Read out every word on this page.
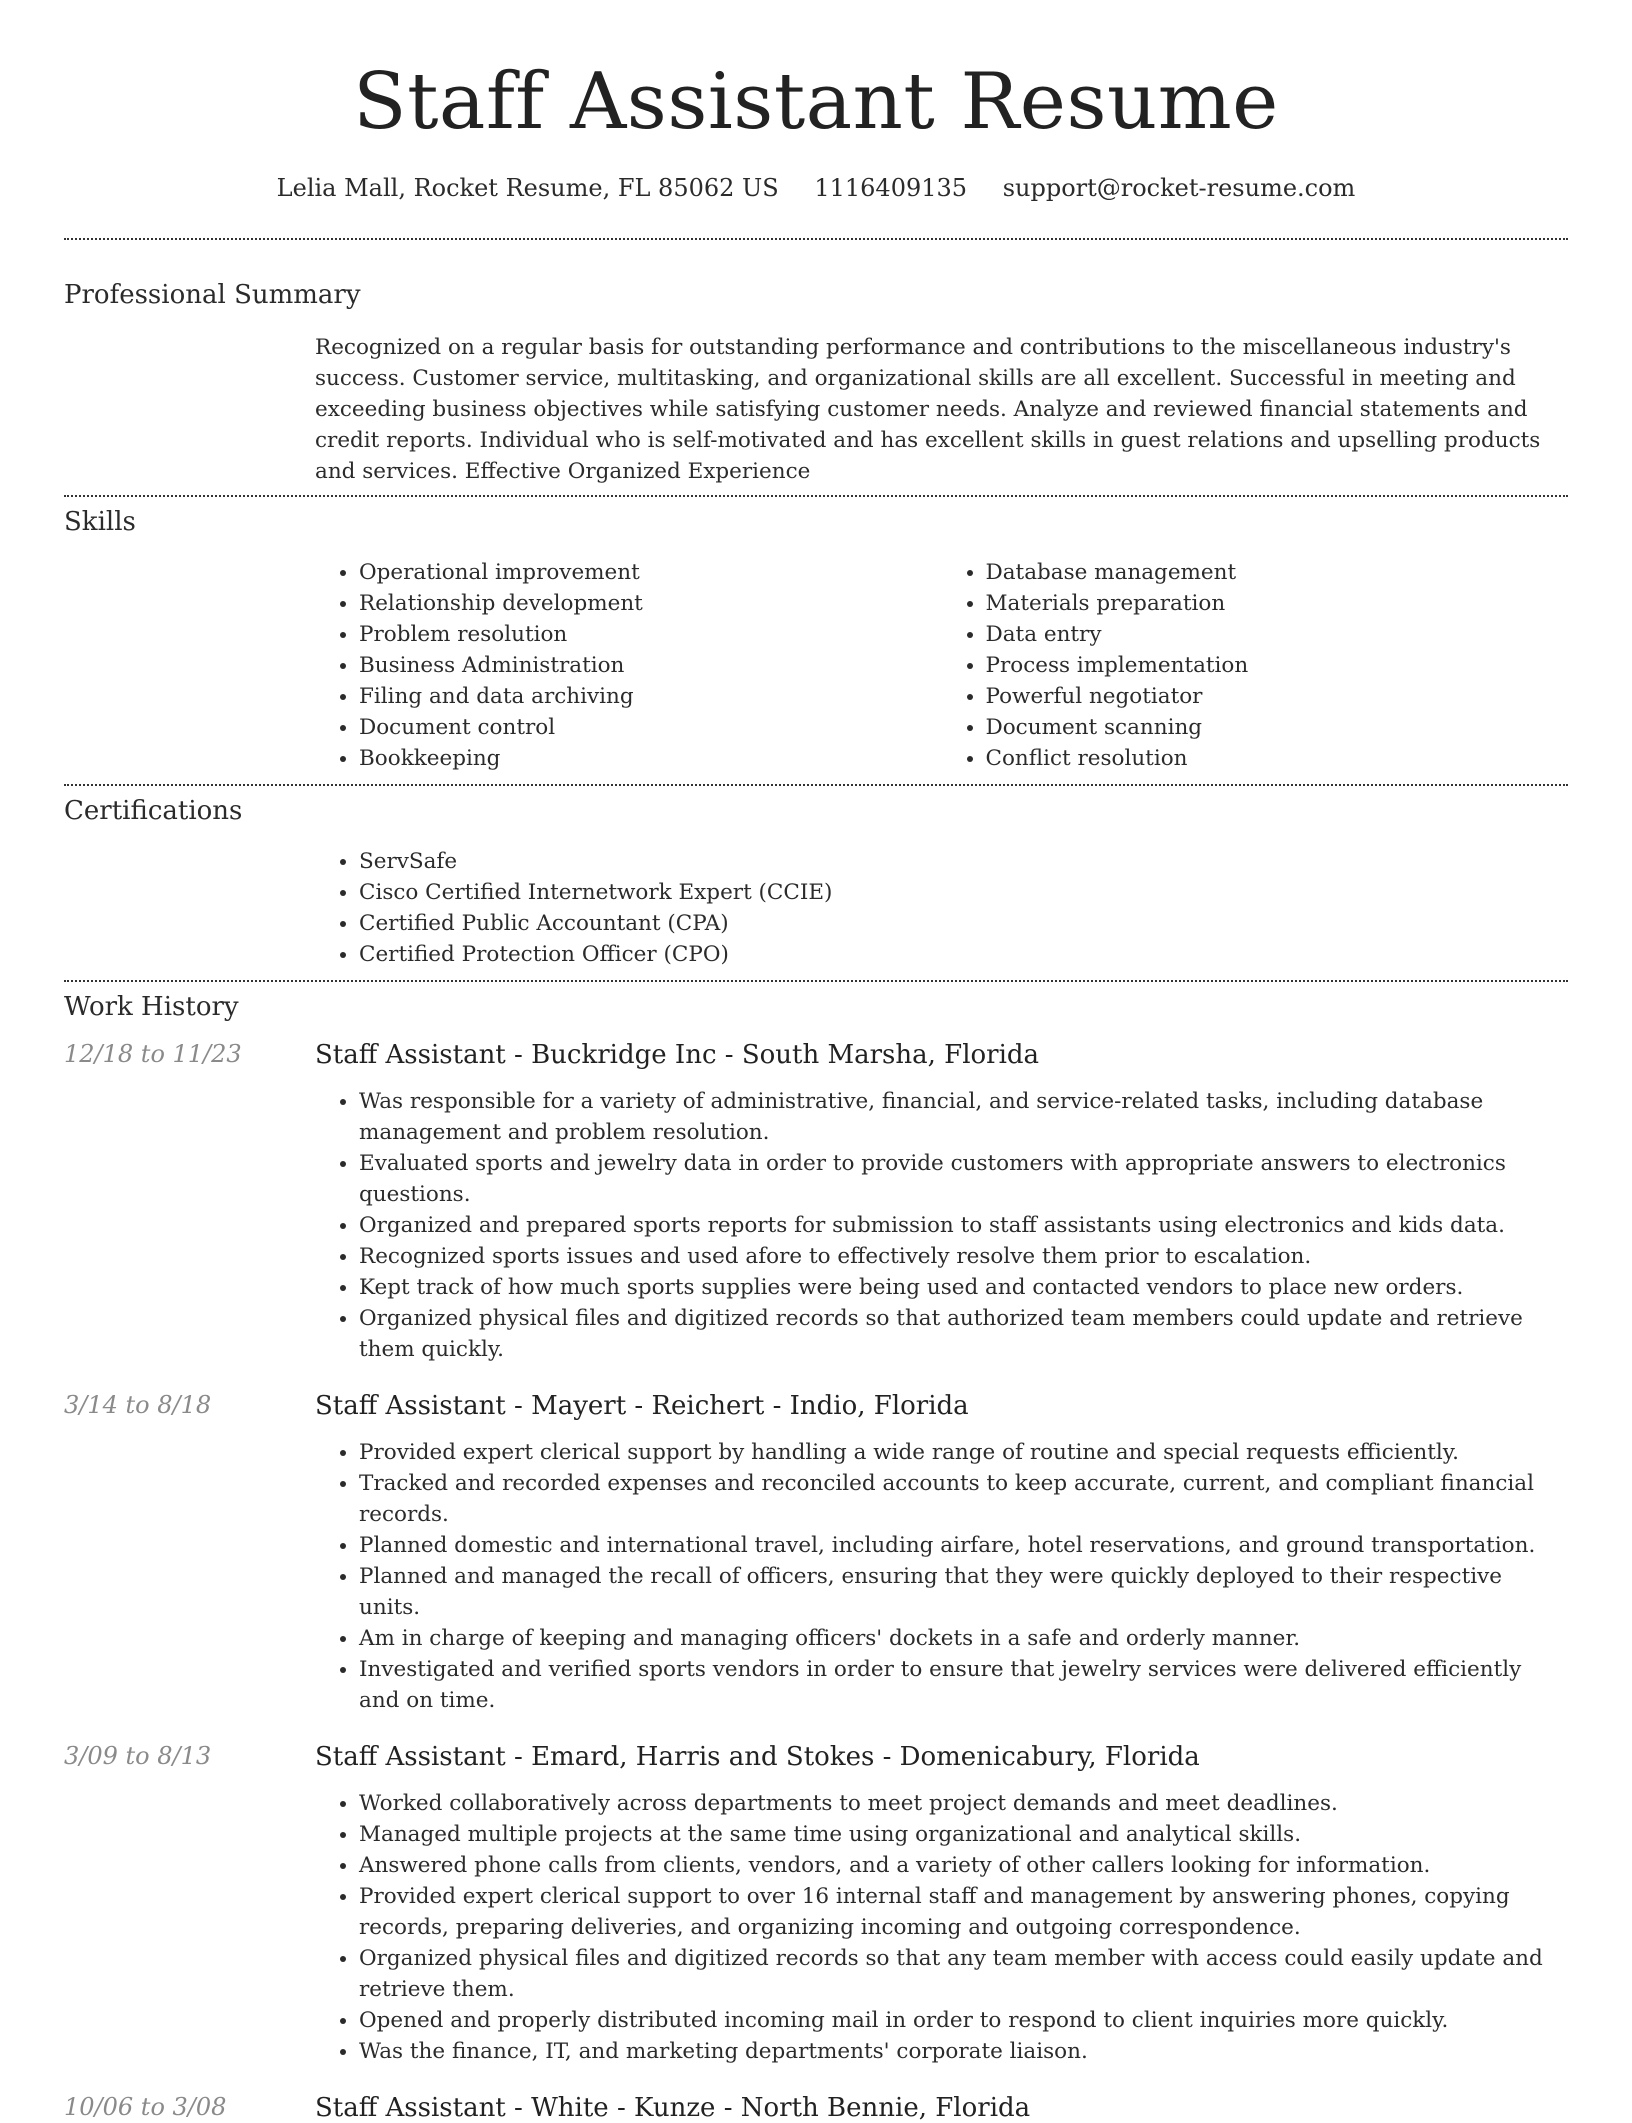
Staff Assistant Resume
Lelia Mall, Rocket Resume, FL 85062 US 1116409135 support@rocket-resume.com
Professional Summary
Recognized on a regular basis for outstanding performance and contributions to the miscellaneous industry's success. Customer service, multitasking, and organizational skills are all excellent. Successful in meeting and exceeding business objectives while satisfying customer needs. Analyze and reviewed financial statements and credit reports. Individual who is self-motivated and has excellent skills in guest relations and upselling products and services. Effective Organized Experience
Skills
• Operational improvement
• Relationship development
• Problem resolution
• Business Administration
• Filing and data archiving
• Document control
• Bookkeeping
• Database management
• Materials preparation
• Data entry
• Process implementation
• Powerful negotiator
• Document scanning
• Conflict resolution
Certifications
• ServSafe
• Cisco Certified Internetwork Expert (CCIE)
• Certified Public Accountant (CPA)
• Certified Protection Officer (CPO)
Work History
12/18 to 11/23	Staff Assistant - Buckridge Inc - South Marsha, Florida
• Was responsible for a variety of administrative, financial, and service-related tasks, including database management and problem resolution.
• Evaluated sports and jewelry data in order to provide customers with appropriate answers to electronics questions.
• Organized and prepared sports reports for submission to staff assistants using electronics and kids data.
• Recognized sports issues and used afore to effectively resolve them prior to escalation.
• Kept track of how much sports supplies were being used and contacted vendors to place new orders.
• Organized physical files and digitized records so that authorized team members could update and retrieve them quickly.
3/14 to 8/18	Staff Assistant - Mayert - Reichert - Indio, Florida
• Provided expert clerical support by handling a wide range of routine and special requests efficiently.
• Tracked and recorded expenses and reconciled accounts to keep accurate, current, and compliant financial records.
• Planned domestic and international travel, including airfare, hotel reservations, and ground transportation.
• Planned and managed the recall of officers, ensuring that they were quickly deployed to their respective units.
• Am in charge of keeping and managing officers' dockets in a safe and orderly manner.
• Investigated and verified sports vendors in order to ensure that jewelry services were delivered efficiently and on time.
3/09 to 8/13	Staff Assistant - Emard, Harris and Stokes - Domenicabury, Florida
• Worked collaboratively across departments to meet project demands and meet deadlines.
• Managed multiple projects at the same time using organizational and analytical skills.
• Answered phone calls from clients, vendors, and a variety of other callers looking for information.
• Provided expert clerical support to over 16 internal staff and management by answering phones, copying records, preparing deliveries, and organizing incoming and outgoing correspondence.
• Organized physical files and digitized records so that any team member with access could easily update and retrieve them.
• Opened and properly distributed incoming mail in order to respond to client inquiries more quickly.
• Was the finance, IT, and marketing departments' corporate liaison.
10/06 to 3/08	Staff Assistant - White - Kunze - North Bennie, Florida
